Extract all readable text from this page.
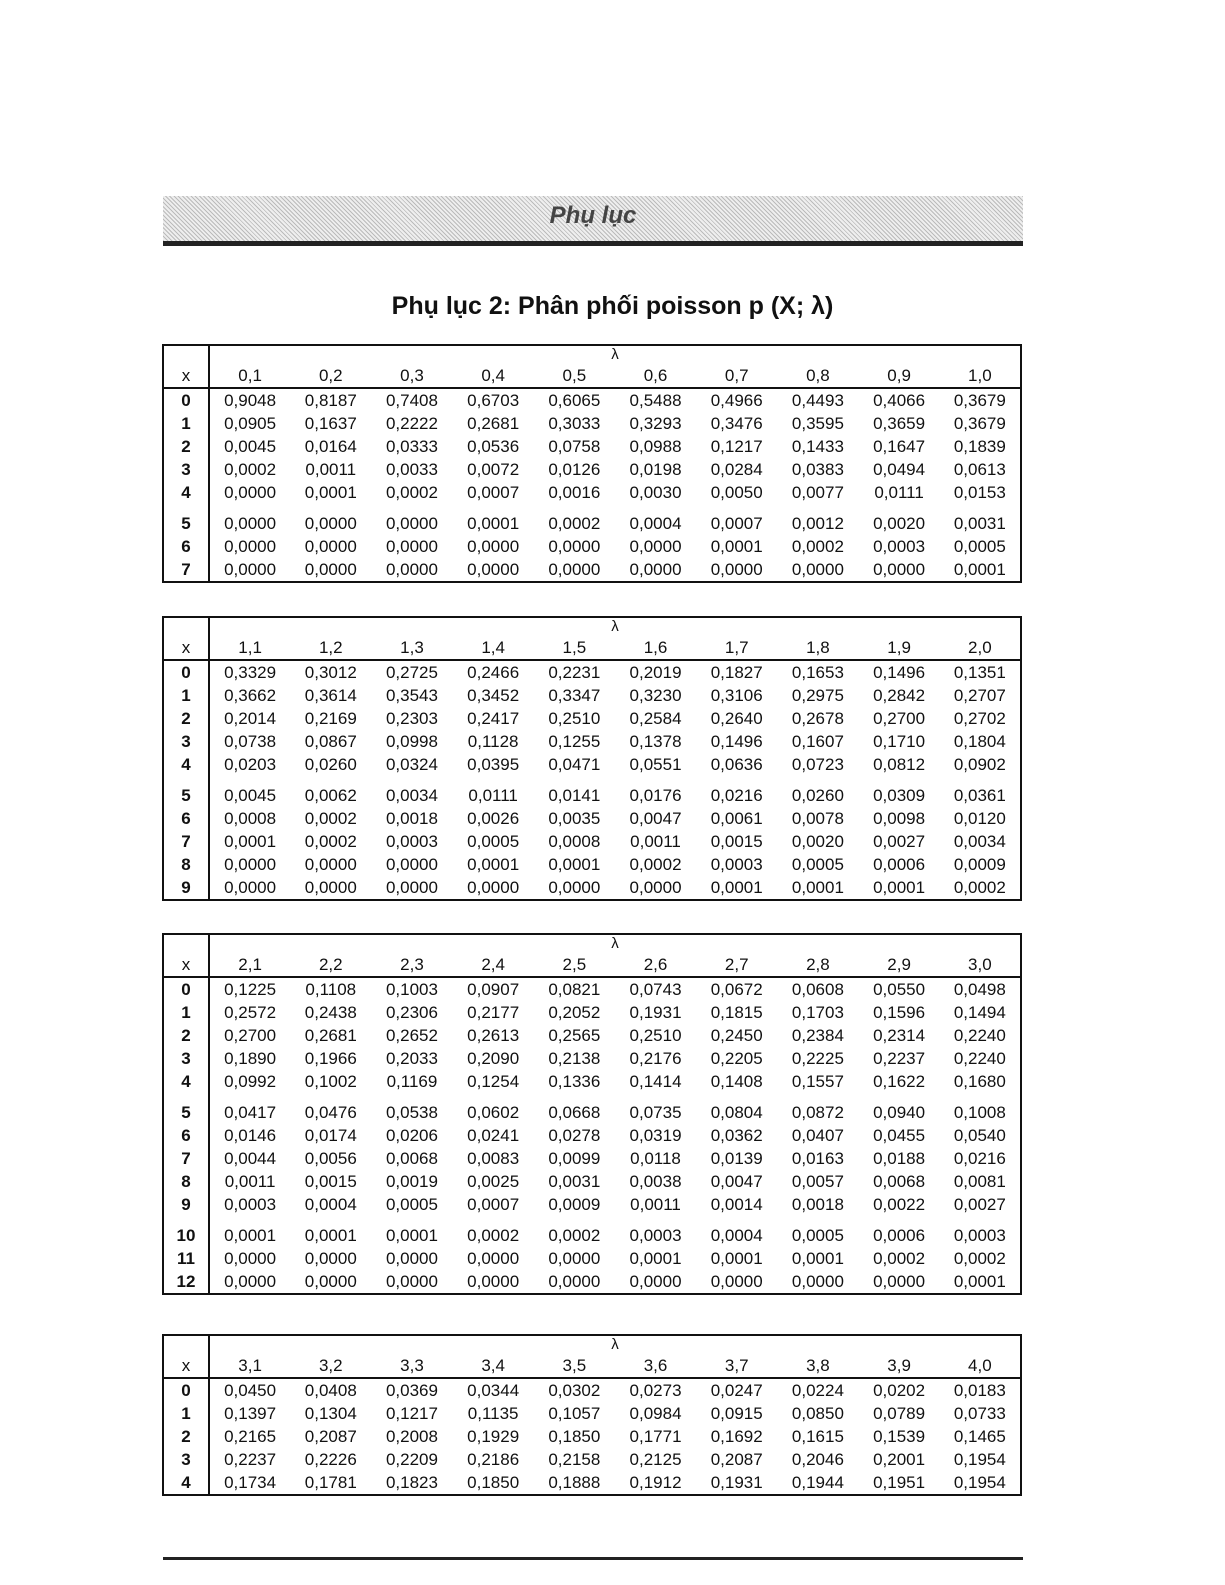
Phụ lục
Phụ lục 2: Phân phối poisson p (X; λ)
	λ									
x	0,1	0,2	0,3	0,4	0,5	0,6	0,7	0,8	0,9	1,0
0	0,9048	0,8187	0,7408	0,6703	0,6065	0,5488	0,4966	0,4493	0,4066	0,3679
1	0,0905	0,1637	0,2222	0,2681	0,3033	0,3293	0,3476	0,3595	0,3659	0,3679
2	0,0045	0,0164	0,0333	0,0536	0,0758	0,0988	0,1217	0,1433	0,1647	0,1839
3	0,0002	0,0011	0,0033	0,0072	0,0126	0,0198	0,0284	0,0383	0,0494	0,0613
4	0,0000	0,0001	0,0002	0,0007	0,0016	0,0030	0,0050	0,0077	0,0111	0,0153
5	0,0000	0,0000	0,0000	0,0001	0,0002	0,0004	0,0007	0,0012	0,0020	0,0031
6	0,0000	0,0000	0,0000	0,0000	0,0000	0,0000	0,0001	0,0002	0,0003	0,0005
7	0,0000	0,0000	0,0000	0,0000	0,0000	0,0000	0,0000	0,0000	0,0000	0,0001
	λ									
x	1,1	1,2	1,3	1,4	1,5	1,6	1,7	1,8	1,9	2,0
0	0,3329	0,3012	0,2725	0,2466	0,2231	0,2019	0,1827	0,1653	0,1496	0,1351
1	0,3662	0,3614	0,3543	0,3452	0,3347	0,3230	0,3106	0,2975	0,2842	0,2707
2	0,2014	0,2169	0,2303	0,2417	0,2510	0,2584	0,2640	0,2678	0,2700	0,2702
3	0,0738	0,0867	0,0998	0,1128	0,1255	0,1378	0,1496	0,1607	0,1710	0,1804
4	0,0203	0,0260	0,0324	0,0395	0,0471	0,0551	0,0636	0,0723	0,0812	0,0902
5	0,0045	0,0062	0,0034	0,0111	0,0141	0,0176	0,0216	0,0260	0,0309	0,0361
6	0,0008	0,0002	0,0018	0,0026	0,0035	0,0047	0,0061	0,0078	0,0098	0,0120
7	0,0001	0,0002	0,0003	0,0005	0,0008	0,0011	0,0015	0,0020	0,0027	0,0034
8	0,0000	0,0000	0,0000	0,0001	0,0001	0,0002	0,0003	0,0005	0,0006	0,0009
9	0,0000	0,0000	0,0000	0,0000	0,0000	0,0000	0,0001	0,0001	0,0001	0,0002
	λ									
x	2,1	2,2	2,3	2,4	2,5	2,6	2,7	2,8	2,9	3,0
0	0,1225	0,1108	0,1003	0,0907	0,0821	0,0743	0,0672	0,0608	0,0550	0,0498
1	0,2572	0,2438	0,2306	0,2177	0,2052	0,1931	0,1815	0,1703	0,1596	0,1494
2	0,2700	0,2681	0,2652	0,2613	0,2565	0,2510	0,2450	0,2384	0,2314	0,2240
3	0,1890	0,1966	0,2033	0,2090	0,2138	0,2176	0,2205	0,2225	0,2237	0,2240
4	0,0992	0,1002	0,1169	0,1254	0,1336	0,1414	0,1408	0,1557	0,1622	0,1680
5	0,0417	0,0476	0,0538	0,0602	0,0668	0,0735	0,0804	0,0872	0,0940	0,1008
6	0,0146	0,0174	0,0206	0,0241	0,0278	0,0319	0,0362	0,0407	0,0455	0,0540
7	0,0044	0,0056	0,0068	0,0083	0,0099	0,0118	0,0139	0,0163	0,0188	0,0216
8	0,0011	0,0015	0,0019	0,0025	0,0031	0,0038	0,0047	0,0057	0,0068	0,0081
9	0,0003	0,0004	0,0005	0,0007	0,0009	0,0011	0,0014	0,0018	0,0022	0,0027
10	0,0001	0,0001	0,0001	0,0002	0,0002	0,0003	0,0004	0,0005	0,0006	0,0003
11	0,0000	0,0000	0,0000	0,0000	0,0000	0,0001	0,0001	0,0001	0,0002	0,0002
12	0,0000	0,0000	0,0000	0,0000	0,0000	0,0000	0,0000	0,0000	0,0000	0,0001
	λ									
x	3,1	3,2	3,3	3,4	3,5	3,6	3,7	3,8	3,9	4,0
0	0,0450	0,0408	0,0369	0,0344	0,0302	0,0273	0,0247	0,0224	0,0202	0,0183
1	0,1397	0,1304	0,1217	0,1135	0,1057	0,0984	0,0915	0,0850	0,0789	0,0733
2	0,2165	0,2087	0,2008	0,1929	0,1850	0,1771	0,1692	0,1615	0,1539	0,1465
3	0,2237	0,2226	0,2209	0,2186	0,2158	0,2125	0,2087	0,2046	0,2001	0,1954
4	0,1734	0,1781	0,1823	0,1850	0,1888	0,1912	0,1931	0,1944	0,1951	0,1954
